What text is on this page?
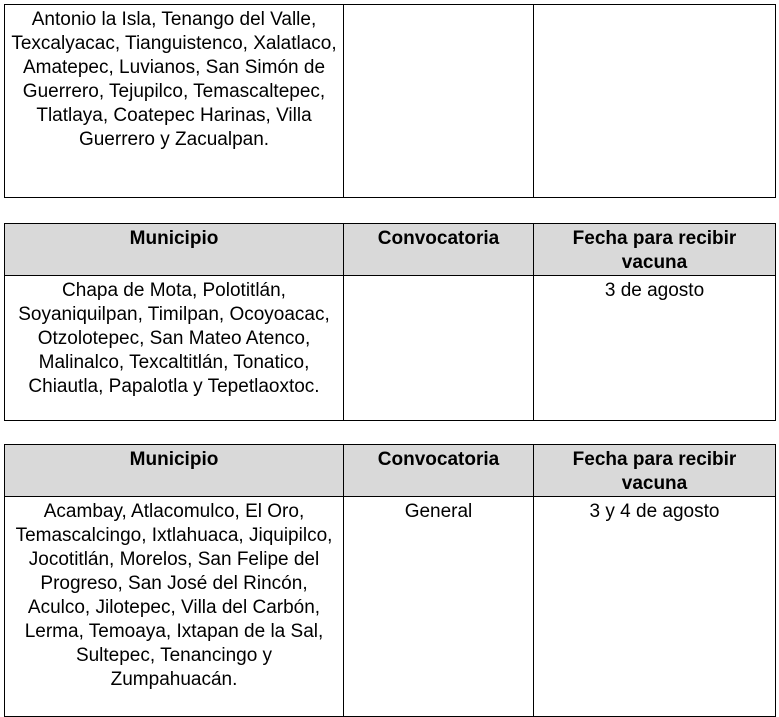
Antonio la Isla, Tenango del Valle, Texcalyacac, Tianguistenco, Xalatlaco, Amatepec, Luvianos, San Simón de Guerrero, Tejupilco, Temascaltepec, Tlatlaya, Coatepec Harinas, Villa Guerrero y Zacualpan.		
Municipio	Convocatoria	Fecha para recibir vacuna
Chapa de Mota, Polotitlán, Soyaniquilpan, Timilpan, Ocoyoacac, Otzolotepec, San Mateo Atenco, Malinalco, Texcaltitlán, Tonatico, Chiautla, Papalotla y Tepetlaoxtoc.		3 de agosto
Municipio	Convocatoria	Fecha para recibir vacuna
Acambay, Atlacomulco, El Oro, Temascalcingo, Ixtlahuaca, Jiquipilco, Jocotitlán, Morelos, San Felipe del Progreso, San José del Rincón, Aculco, Jilotepec, Villa del Carbón, Lerma, Temoaya, Ixtapan de la Sal, Sultepec, Tenancingo y Zumpahuacán.	General	3 y 4 de agosto
